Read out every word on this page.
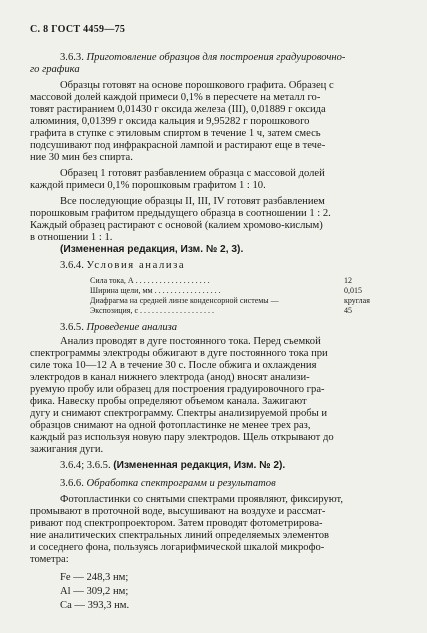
С. 8 ГОСТ 4459—75
3.6.3. Приготовление образцов для построения градуировочно-
го графика
Образцы готовят на основе порошкового графита. Образец с
массовой долей каждой примеси 0,1% в пересчете на металл го-
товят растиранием 0,01430 г оксида железа (III), 0,01889 г оксида
алюминия, 0,01399 г оксида кальция и 9,95282 г порошкового
графита в ступке с этиловым спиртом в течение 1 ч, затем смесь
подсушивают под инфракрасной лампой и растирают еще в тече-
ние 30 мин без спирта.
Образец 1 готовят разбавлением образца с массовой долей
каждой примеси 0,1% порошковым графитом 1 : 10.
Все последующие образцы II, III, IV готовят разбавлением
порошковым графитом предыдущего образца в соотношении 1 : 2.
Каждый образец растирают с основой (калием хромово-кислым)
в отношении 1 : 1.
(Измененная редакция, Изм. № 2, 3).
3.6.4. Условия анализа
Сила тока, А . . . . . . . . . . . . . . . . . . .	12
Ширина щели, мм . . . . . . . . . . . . . . . . .	0,015
Диафрагма на средней линзе конденсорной системы —	круглая
Экспозиция, с . . . . . . . . . . . . . . . . . . .	45
3.6.5. Проведение анализа
Анализ проводят в дуге постоянного тока. Перед съемкой
спектрограммы электроды обжигают в дуге постоянного тока при
силе тока 10—12 А в течение 30 с. После обжига и охлаждения
электродов в канал нижнего электрода (анод) вносят анализи-
руемую пробу или образец для построения градуировочного гра-
фика. Навеску пробы определяют объемом канала. Зажигают
дугу и снимают спектрограмму. Спектры анализируемой пробы и
образцов снимают на одной фотопластинке не менее трех раз,
каждый раз используя новую пару электродов. Щель открывают до
зажигания дуги.
3.6.4; 3.6.5. (Измененная редакция, Изм. № 2).
3.6.6. Обработка спектрограмм и результатов
Фотопластинки со снятыми спектрами проявляют, фиксируют,
промывают в проточной воде, высушивают на воздухе и рассмат-
ривают под спектропроектором. Затем проводят фотометрирова-
ние аналитических спектральных линий определяемых элементов
и соседнего фона, пользуясь логарифмической шкалой микрофо-
тометра:
Fe — 248,3 нм;
Al — 309,2 нм;
Ca — 393,3 нм.
